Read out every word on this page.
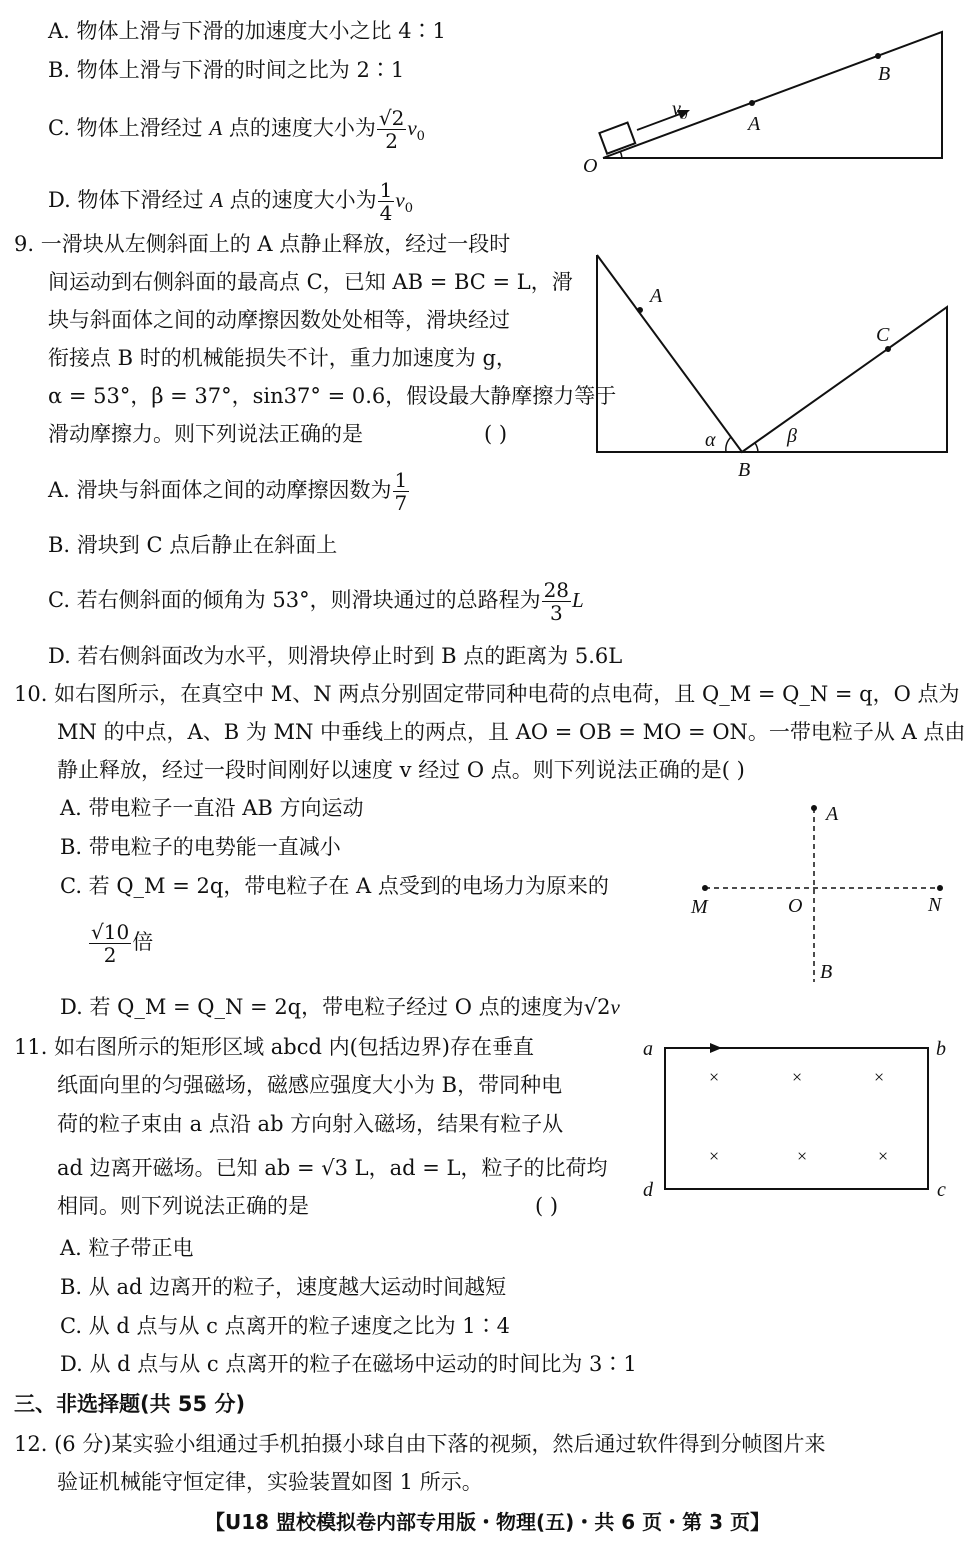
A. 物体上滑与下滑的加速度大小之比 4∶1
B. 物体上滑与下滑的时间之比为 2∶1
C. 物体上滑经过 A 点的速度大小为 $\frac{√2}{2} v_0$
D. 物体下滑经过 A 点的速度大小为 $\frac{1}{4} v_0$
O
A
B
$v_0$
9. 一滑块从左侧斜面上的 A 点静止释放，经过一段时
间运动到右侧斜面的最高点 C，已知 AB = BC = L，滑
块与斜面体之间的动摩擦因数处处相等，滑块经过
衔接点 B 时的机械能损失不计，重力加速度为 g，
α = 53°，β = 37°，sin37° = 0.6，假设最大静摩擦力等于
滑动摩擦力。则下列说法正确的是	( )
A. 滑块与斜面体之间的动摩擦因数为 $\frac{1}{7}$
B. 滑块到 C 点后静止在斜面上
C. 若右侧斜面的倾角为 53°，则滑块通过的总路程为 $\frac{28}{3}$ L
D. 若右侧斜面改为水平，则滑块停止时到 B 点的距离为 5.6L
A
C
B
α	β
10. 如右图所示，在真空中 M、N 两点分别固定带同种电荷的点电荷，且 Q_M = Q_N = q，O 点为
MN 的中点，A、B 为 MN 中垂线上的两点，且 AO = OB = MO = ON。一带电粒子从 A 点由
静止释放，经过一段时间刚好以速度 v 经过 O 点。则下列说法正确的是( )
A. 带电粒子一直沿 AB 方向运动
B. 带电粒子的电势能一直减小
C. 若 Q_M = 2q，带电粒子在 A 点受到的电场力为原来的
$\frac{√10}{2}$ 倍
D. 若 Q_M = Q_N = 2q，带电粒子经过 O 点的速度为√2v
A
B
M	N
O
11. 如右图所示的矩形区域 abcd 内(包括边界)存在垂直
纸面向里的匀强磁场，磁感应强度大小为 B，带同种电
荷的粒子束由 a 点沿 ab 方向射入磁场，结果有粒子从
ad 边离开磁场。已知 ab = √3 L，ad = L，粒子的比荷均
相同。则下列说法正确的是	( )
A. 粒子带正电
B. 从 ad 边离开的粒子，速度越大运动时间越短
C. 从 d 点与从 c 点离开的粒子速度之比为 1∶4
D. 从 d 点与从 c 点离开的粒子在磁场中运动的时间比为 3∶1
a	b
d	c
×	×	×
×	×	×
三、非选择题(共 55 分)
12. (6 分)某实验小组通过手机拍摄小球自由下落的视频，然后通过软件得到分帧图片来
验证机械能守恒定律，实验装置如图 1 所示。
【U18 盟校模拟卷内部专用版・物理(五)・共 6 页・第 3 页】
